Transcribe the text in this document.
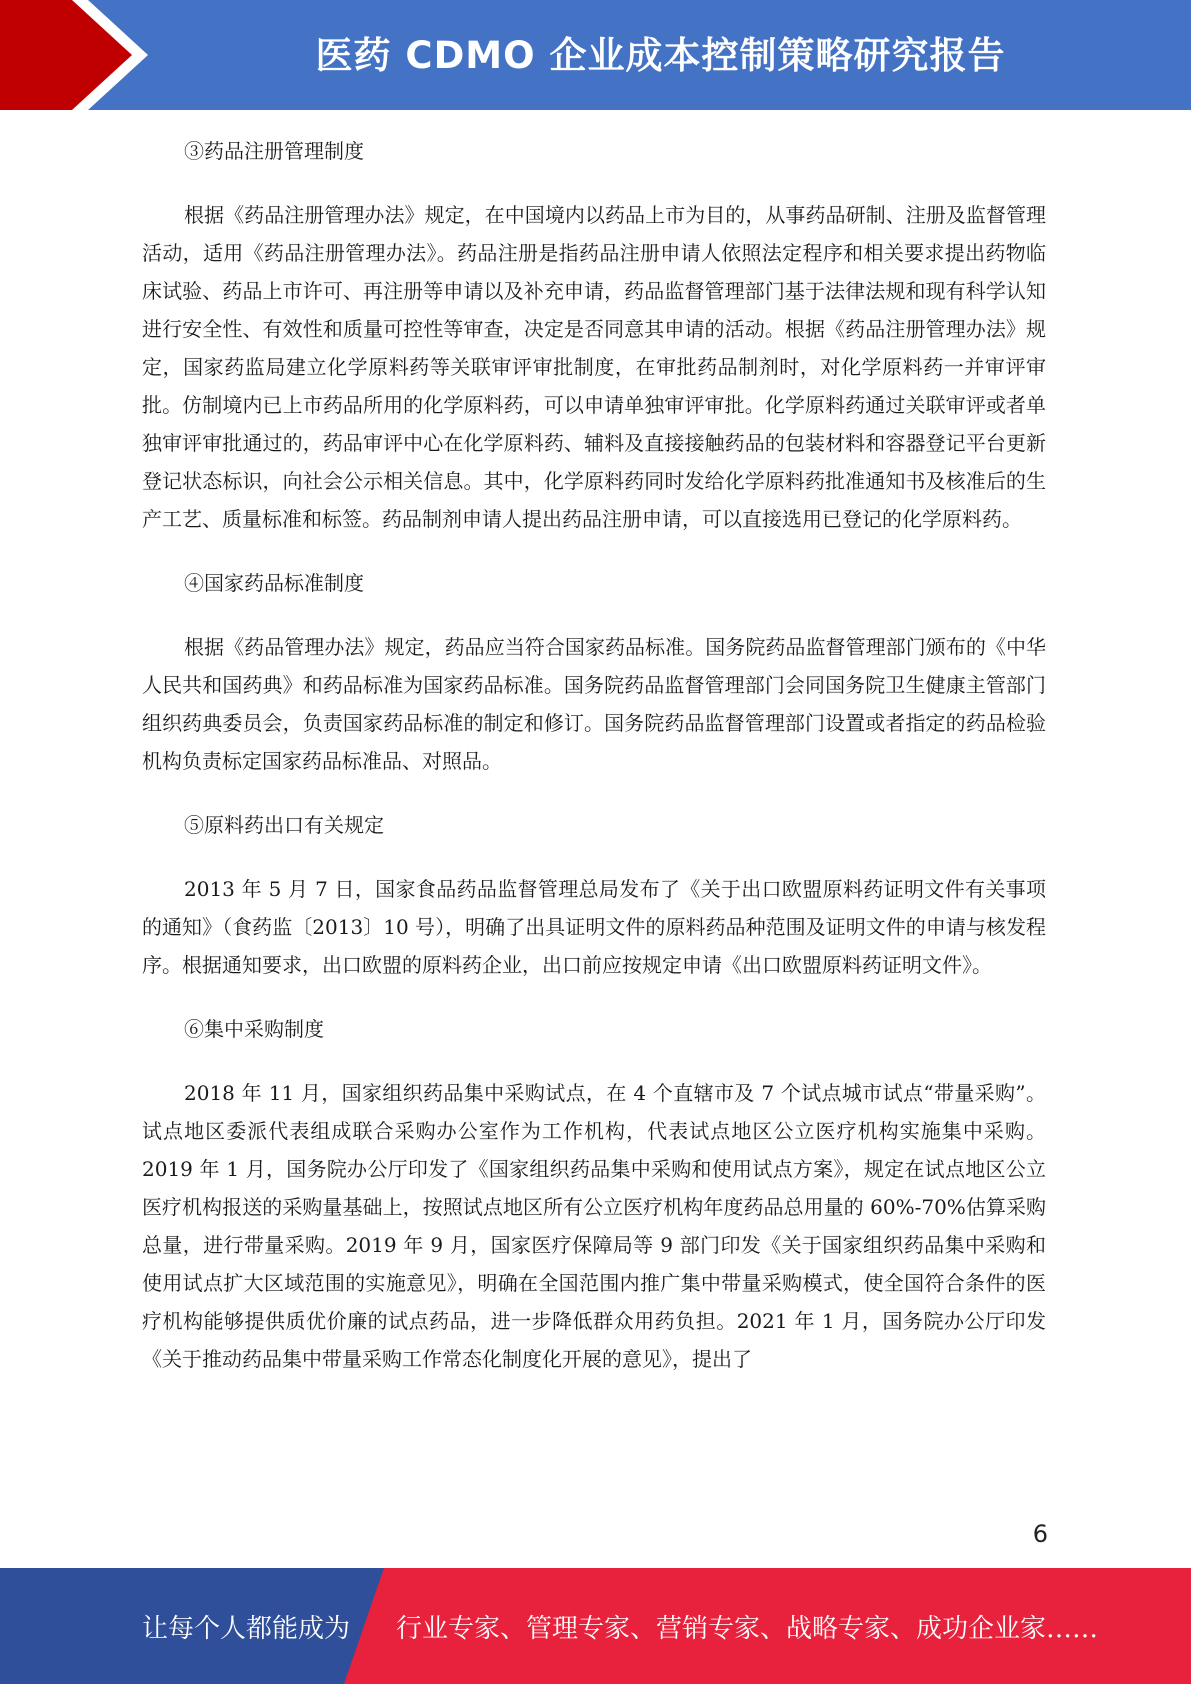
医药 CDMO 企业成本控制策略研究报告

③药品注册管理制度

根据《药品注册管理办法》规定，在中国境内以药品上市为目的，从事药品研制、注册及监督管理活动，适用《药品注册管理办法》。药品注册是指药品注册申请人依照法定程序和相关要求提出药物临床试验、药品上市许可、再注册等申请以及补充申请，药品监督管理部门基于法律法规和现有科学认知进行安全性、有效性和质量可控性等审查，决定是否同意其申请的活动。根据《药品注册管理办法》规定，国家药监局建立化学原料药等关联审评审批制度，在审批药品制剂时，对化学原料药一并审评审批。仿制境内已上市药品所用的化学原料药，可以申请单独审评审批。化学原料药通过关联审评或者单独审评审批通过的，药品审评中心在化学原料药、辅料及直接接触药品的包装材料和容器登记平台更新登记状态标识，向社会公示相关信息。其中，化学原料药同时发给化学原料药批准通知书及核准后的生产工艺、质量标准和标签。药品制剂申请人提出药品注册申请，可以直接选用已登记的化学原料药。

④国家药品标准制度

根据《药品管理办法》规定，药品应当符合国家药品标准。国务院药品监督管理部门颁布的《中华人民共和国药典》和药品标准为国家药品标准。国务院药品监督管理部门会同国务院卫生健康主管部门组织药典委员会，负责国家药品标准的制定和修订。国务院药品监督管理部门设置或者指定的药品检验机构负责标定国家药品标准品、对照品。

⑤原料药出口有关规定

2013 年 5 月 7 日，国家食品药品监督管理总局发布了《关于出口欧盟原料药证明文件有关事项的通知》（食药监〔2013〕10 号），明确了出具证明文件的原料药品种范围及证明文件的申请与核发程序。根据通知要求，出口欧盟的原料药企业，出口前应按规定申请《出口欧盟原料药证明文件》。

⑥集中采购制度

2018 年 11 月，国家组织药品集中采购试点，在 4 个直辖市及 7 个试点城市试点“带量采购”。试点地区委派代表组成联合采购办公室作为工作机构，代表试点地区公立医疗机构实施集中采购。2019 年 1 月，国务院办公厅印发了《国家组织药品集中采购和使用试点方案》，规定在试点地区公立医疗机构报送的采购量基础上，按照试点地区所有公立医疗机构年度药品总用量的 60%-70%估算采购总量，进行带量采购。2019 年 9 月，国家医疗保障局等 9 部门印发《关于国家组织药品集中采购和使用试点扩大区域范围的实施意见》，明确在全国范围内推广集中带量采购模式，使全国符合条件的医疗机构能够提供质优价廉的试点药品，进一步降低群众用药负担。2021 年 1 月，国务院办公厅印发《关于推动药品集中带量采购工作常态化制度化开展的意见》，提出了

6
让每个人都能成为 行业专家、管理专家、营销专家、战略专家、成功企业家……
